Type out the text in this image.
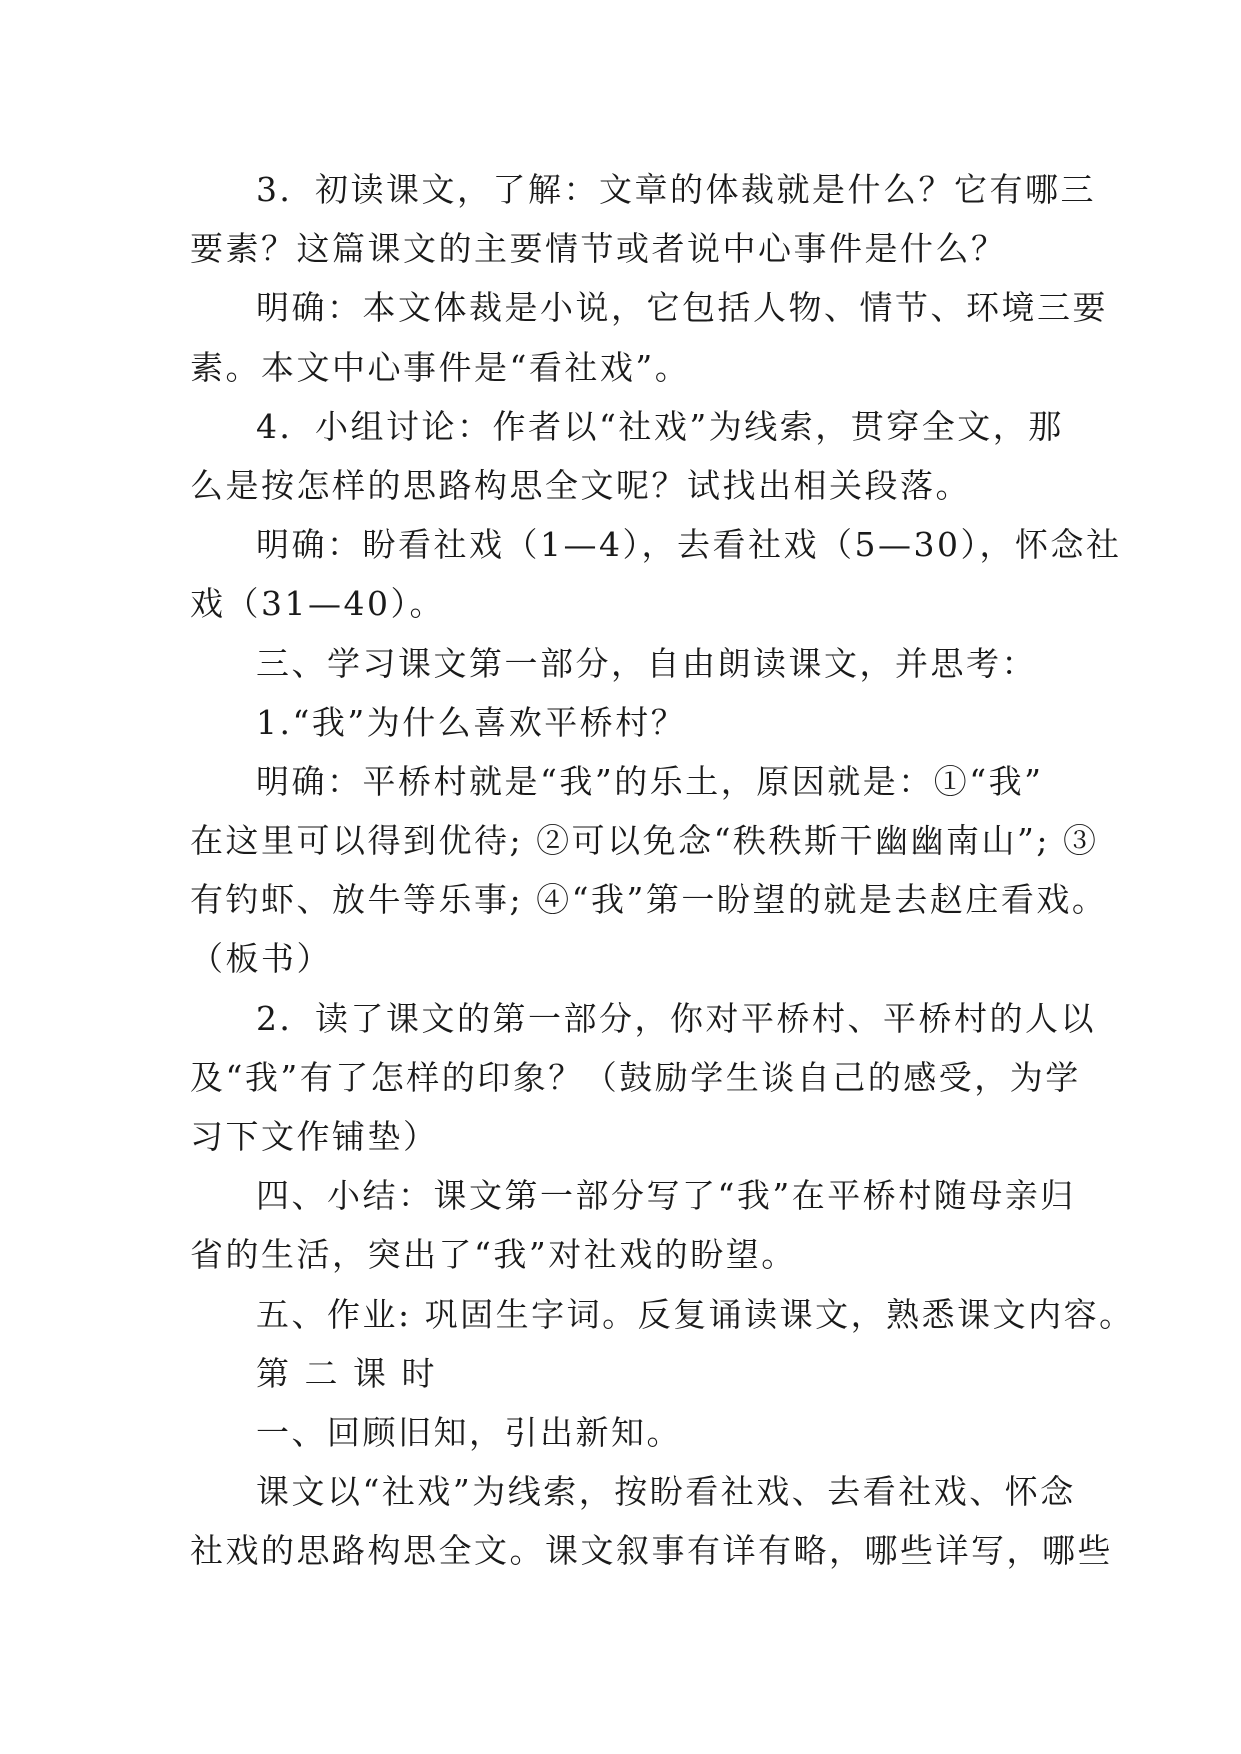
3．初读课文，了解：文章的体裁就是什么？它有哪三
要素？这篇课文的主要情节或者说中心事件是什么？
明确：本文体裁是小说，它包括人物、情节、环境三要
素。本文中心事件是“看社戏”。
4．小组讨论：作者以“社戏”为线索，贯穿全文，那
么是按怎样的思路构思全文呢？试找出相关段落。
明确：盼看社戏（1—4），去看社戏（5—30），怀念社
戏（31—40）。
三、学习课文第一部分，自由朗读课文，并思考：
1.“我”为什么喜欢平桥村？
明确：平桥村就是“我”的乐土，原因就是：①“我”
在这里可以得到优待; ②可以免念“秩秩斯干幽幽南山”; ③
有钓虾、放牛等乐事; ④“我”第一盼望的就是去赵庄看戏。
（板书）
2．读了课文的第一部分，你对平桥村、平桥村的人以
及“我”有了怎样的印象？（鼓励学生谈自己的感受，为学
习下文作铺垫）
四、小结：课文第一部分写了“我”在平桥村随母亲归
省的生活，突出了“我”对社戏的盼望。
五、作业: 巩固生字词。反复诵读课文，熟悉课文内容。
第 二 课 时
一、回顾旧知，引出新知。
课文以“社戏”为线索，按盼看社戏、去看社戏、怀念
社戏的思路构思全文。课文叙事有详有略，哪些详写，哪些
